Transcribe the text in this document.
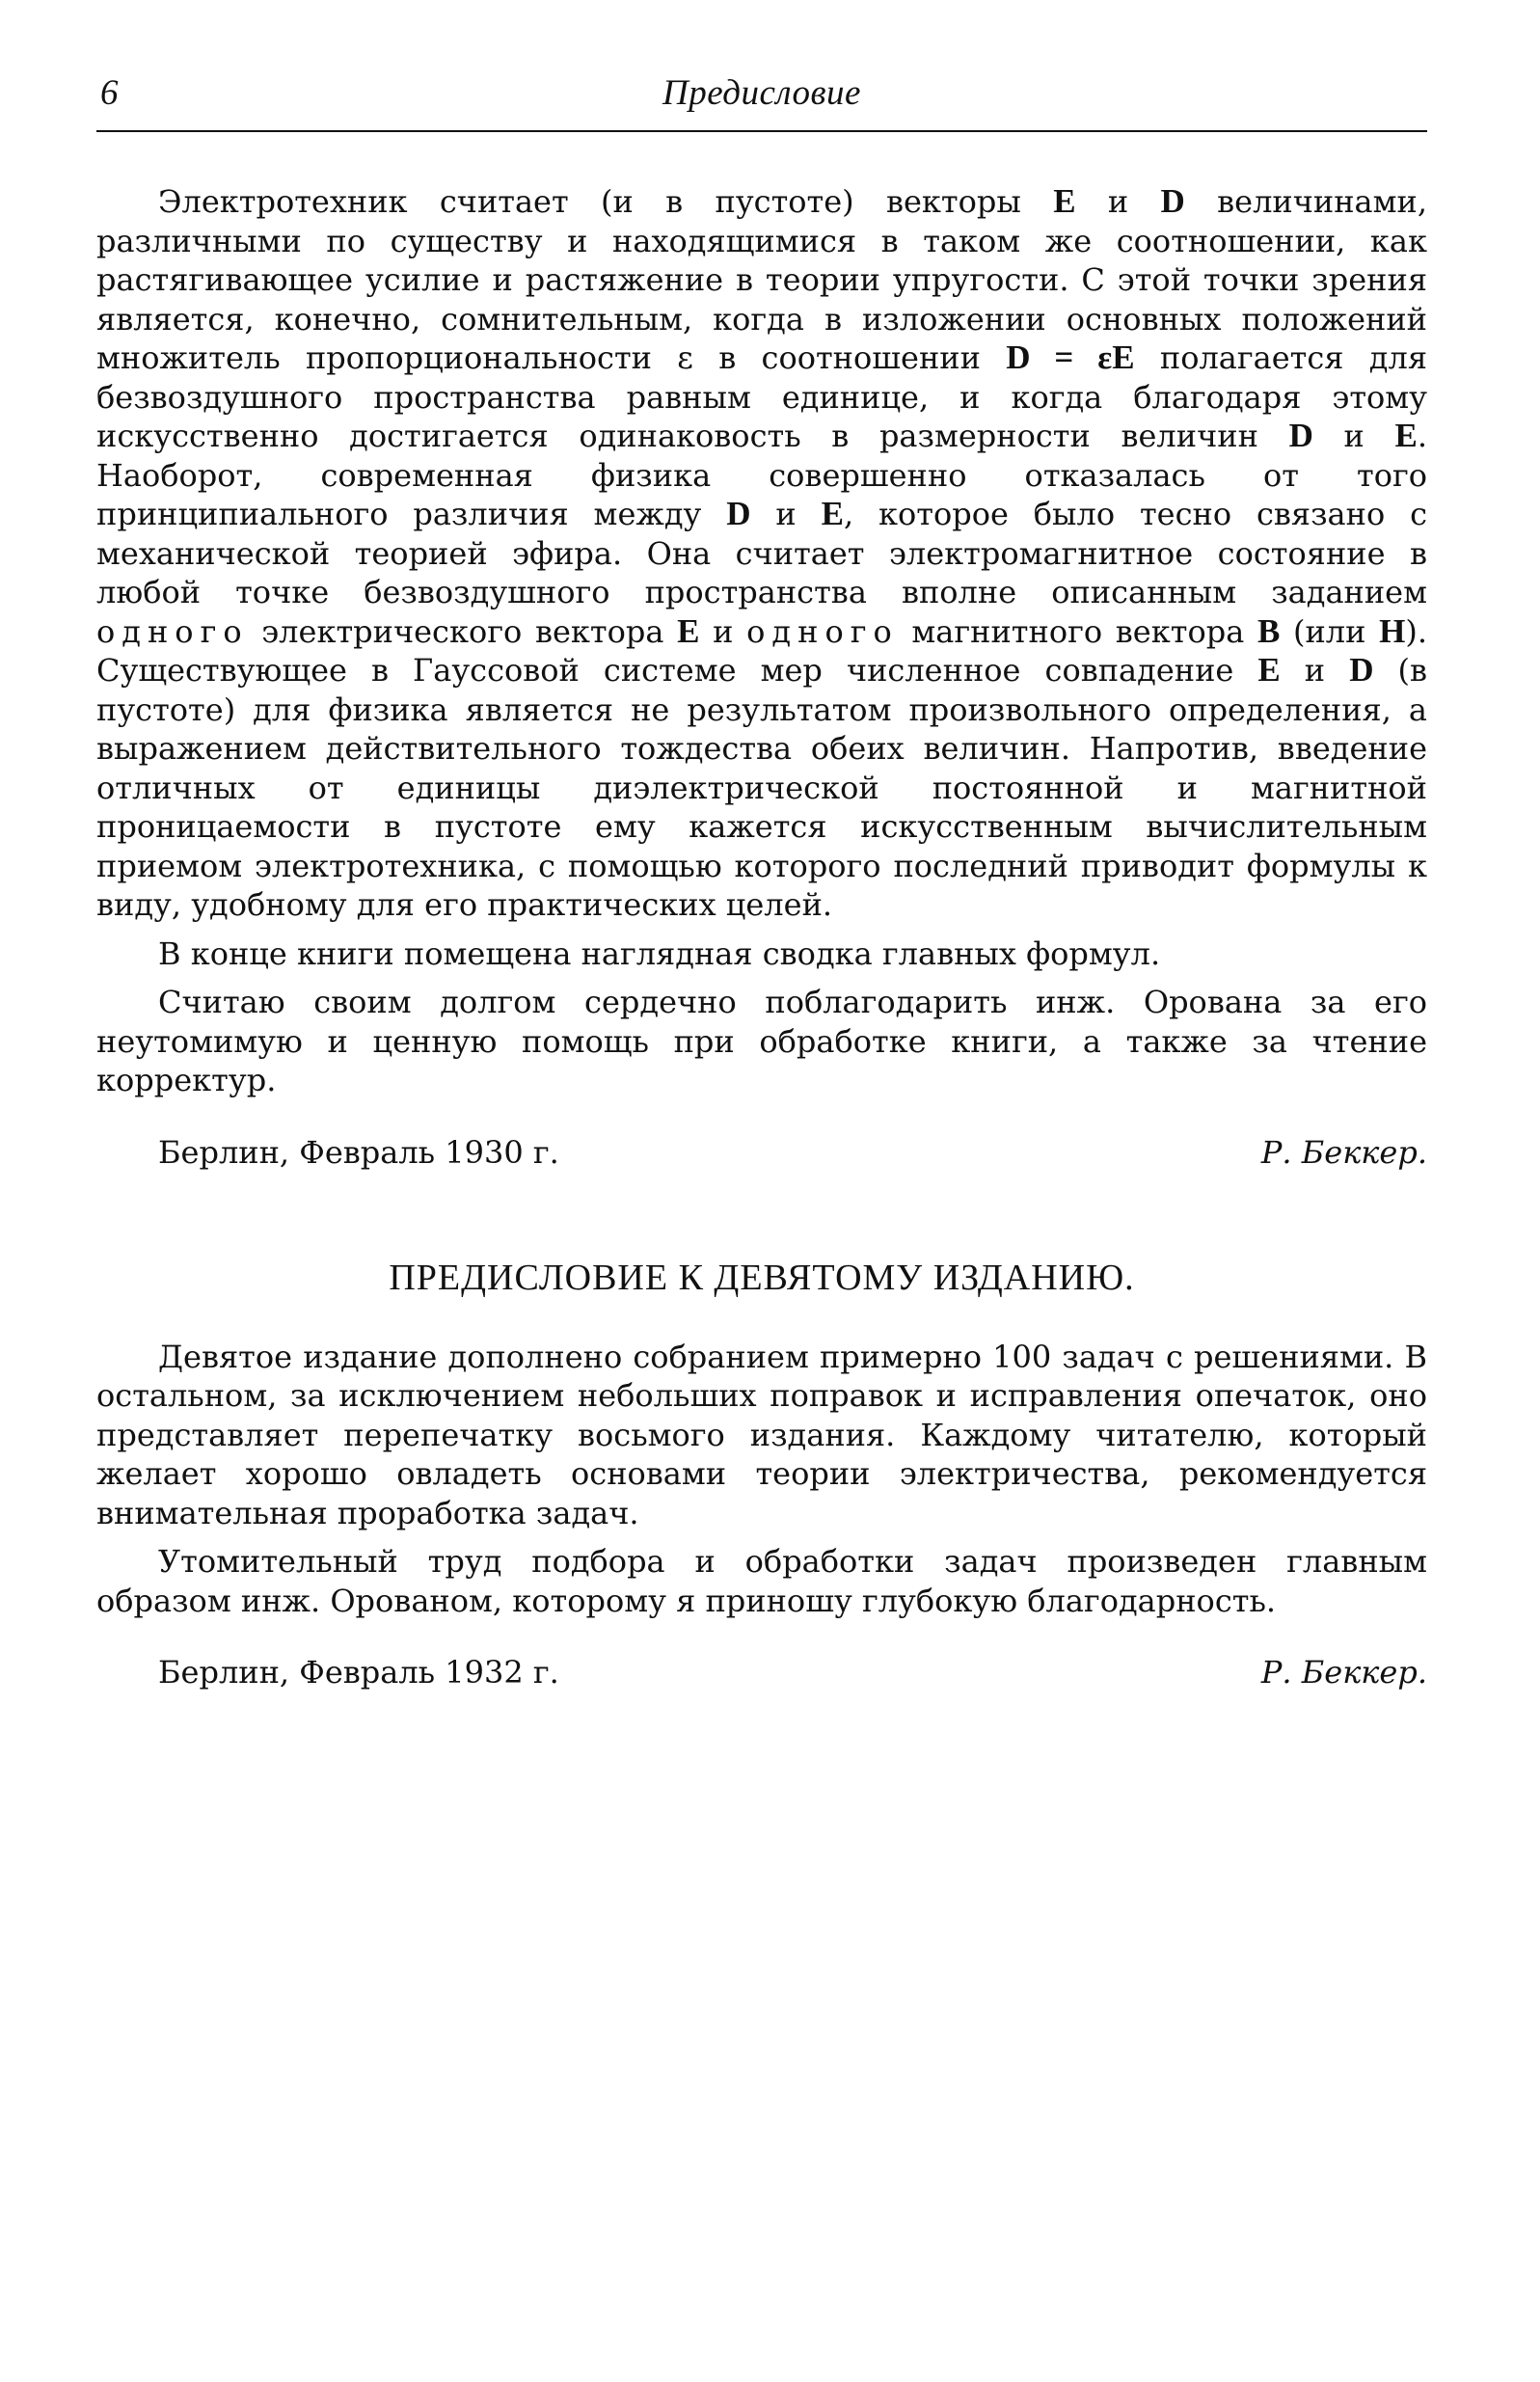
6	Предисловие

Электротехник считает (и в пустоте) векторы E и D величинами, различными по существу и находящимися в таком же соотношении, как растягивающее усилие и растяжение в теории упругости. С этой точки зрения является, конечно, сомнительным, когда в изложении основных положений множитель пропорциональности ε в соотношении D = εE полагается для безвоздушного пространства равным единице, и когда благодаря этому искусственно достигается одинаковость в размерности величин D и E. Наоборот, современная физика совершенно отказалась от того принципиального различия между D и E, которое было тесно связано с механической теорией эфира. Она считает электромагнитное состояние в любой точке безвоздушного пространства вполне описанным заданием одного электрического вектора E и одного магнитного вектора B (или H). Существующее в Гауссовой системе мер численное совпадение E и D (в пустоте) для физика является не результатом произвольного определения, а выражением действительного тождества обеих величин. Напротив, введение отличных от единицы диэлектрической постоянной и магнитной проницаемости в пустоте ему кажется искусственным вычислительным приемом электротехника, с помощью которого последний приводит формулы к виду, удобному для его практических целей.

В конце книги помещена наглядная сводка главных формул.

Считаю своим долгом сердечно поблагодарить инж. Орована за его неутомимую и ценную помощь при обработке книги, а также за чтение корректур.

Берлин, Февраль 1930 г.	Р. Беккер.
ПРЕДИСЛОВИЕ К ДЕВЯТОМУ ИЗДАНИЮ.

Девятое издание дополнено собранием примерно 100 задач с решениями. В остальном, за исключением небольших поправок и исправления опечаток, оно представляет перепечатку восьмого издания. Каждому читателю, который желает хорошо овладеть основами теории электричества, рекомендуется внимательная проработка задач.

Утомительный труд подбора и обработки задач произведен главным образом инж. Орованом, которому я приношу глубокую благодарность.

Берлин, Февраль 1932 г.	Р. Беккер.
